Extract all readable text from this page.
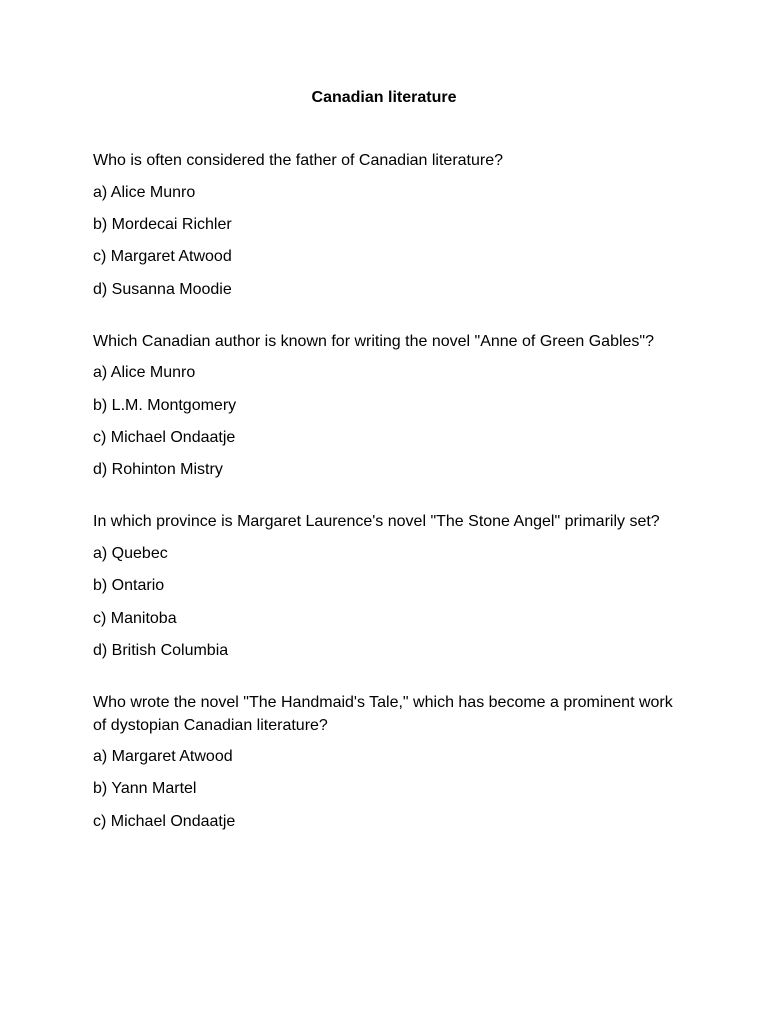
Canadian literature

Who is often considered the father of Canadian literature?

a) Alice Munro
b) Mordecai Richler
c) Margaret Atwood
d) Susanna Moodie

Which Canadian author is known for writing the novel "Anne of Green Gables"?

a) Alice Munro
b) L.M. Montgomery
c) Michael Ondaatje
d) Rohinton Mistry

In which province is Margaret Laurence's novel "The Stone Angel" primarily set?

a) Quebec
b) Ontario
c) Manitoba
d) British Columbia

Who wrote the novel "The Handmaid's Tale," which has become a prominent work of dystopian Canadian literature?

a) Margaret Atwood
b) Yann Martel
c) Michael Ondaatje
